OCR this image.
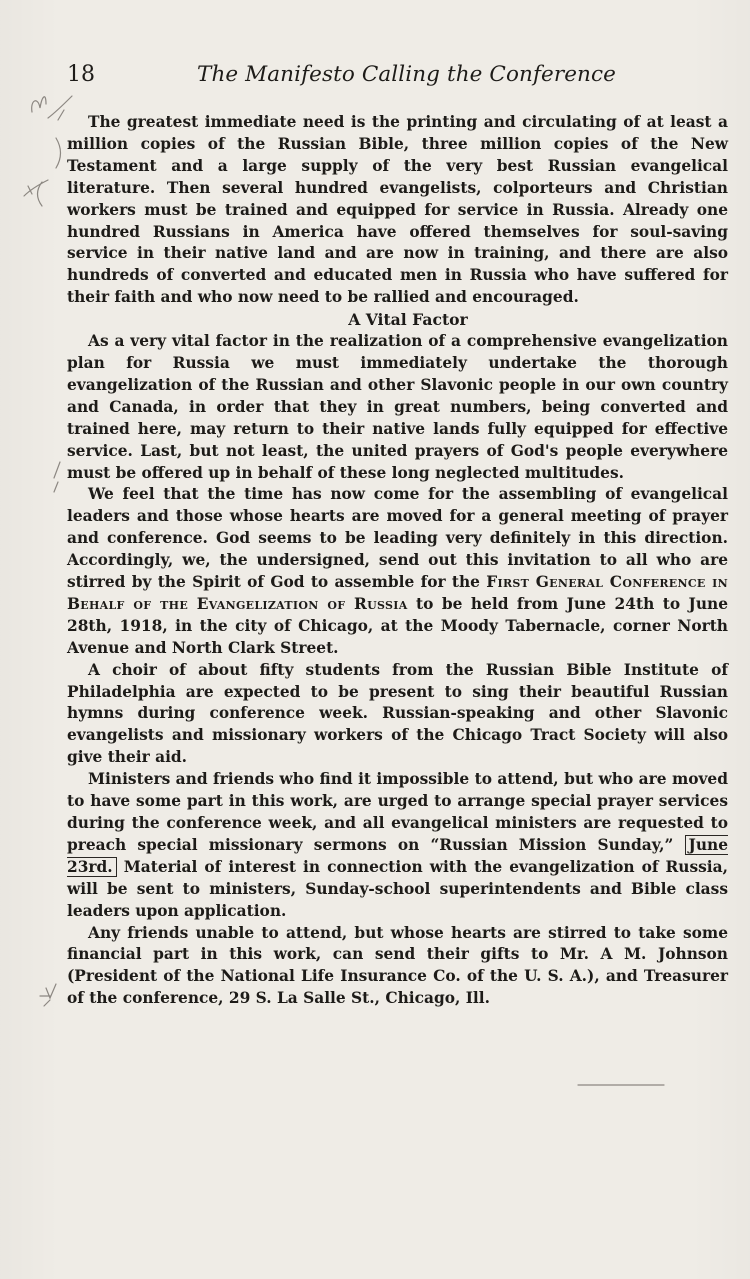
18	The Manifesto Calling the Conference

The greatest immediate need is the printing and circulating of at least a million copies of the Russian Bible, three million copies of the New Testament and a large supply of the very best Russian evangelical literature. Then several hundred evangelists, colporteurs and Christian workers must be trained and equipped for service in Russia. Already one hundred Russians in America have offered themselves for soul-saving service in their native land and are now in training, and there are also hundreds of converted and educated men in Russia who have suffered for their faith and who now need to be rallied and encouraged.

A Vital Factor

As a very vital factor in the realization of a comprehensive evangelization plan for Russia we must immediately undertake the thorough evangelization of the Russian and other Slavonic people in our own country and Canada, in order that they in great numbers, being converted and trained here, may return to their native lands fully equipped for effective service. Last, but not least, the united prayers of God's people everywhere must be offered up in behalf of these long neglected multitudes.

We feel that the time has now come for the assembling of evangelical leaders and those whose hearts are moved for a general meeting of prayer and conference. God seems to be leading very definitely in this direction. Accordingly, we, the undersigned, send out this invitation to all who are stirred by the Spirit of God to assemble for the First General Conference in Behalf of the Evangelization of Russia to be held from June 24th to June 28th, 1918, in the city of Chicago, at the Moody Tabernacle, corner North Avenue and North Clark Street.

A choir of about fifty students from the Russian Bible Institute of Philadelphia are expected to be present to sing their beautiful Russian hymns during conference week. Russian-speaking and other Slavonic evangelists and missionary workers of the Chicago Tract Society will also give their aid.

Ministers and friends who find it impossible to attend, but who are moved to have some part in this work, are urged to arrange special prayer services during the conference week, and all evangelical ministers are requested to preach special missionary sermons on “Russian Mission Sunday,” June 23rd. Material of interest in connection with the evangelization of Russia, will be sent to ministers, Sunday-school superintendents and Bible class leaders upon application.

Any friends unable to attend, but whose hearts are stirred to take some financial part in this work, can send their gifts to Mr. A M. Johnson (President of the National Life Insurance Co. of the U. S. A.), and Treasurer of the conference, 29 S. La Salle St., Chicago, Ill.
